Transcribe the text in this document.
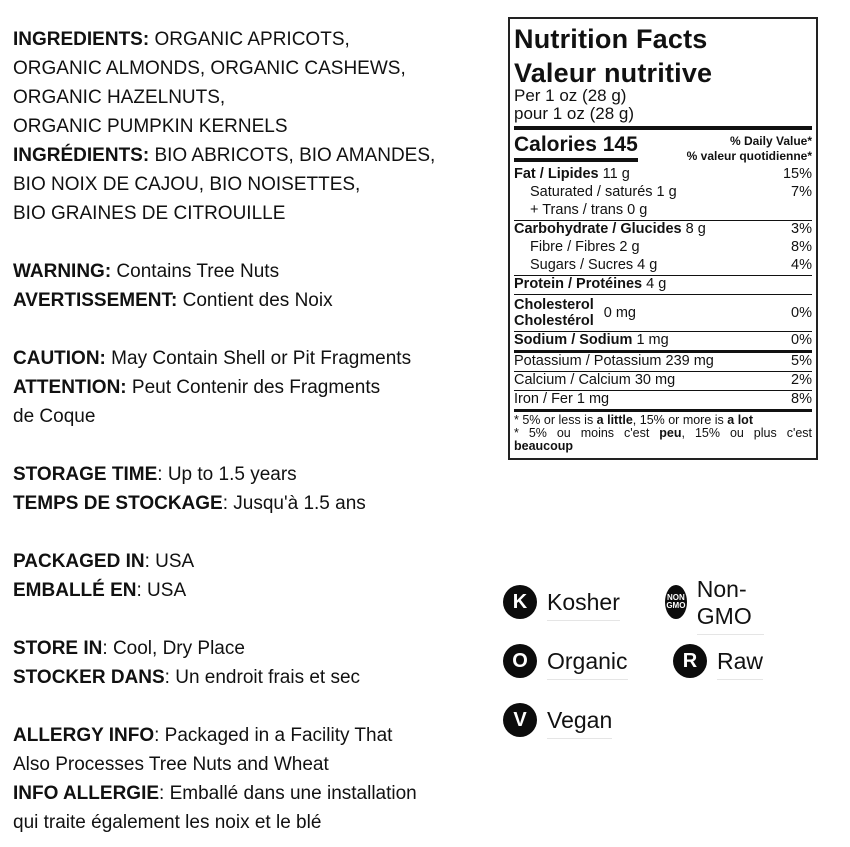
INGREDIENTS: ORGANIC APRICOTS,
ORGANIC ALMONDS, ORGANIC CASHEWS,
ORGANIC HAZELNUTS,
ORGANIC PUMPKIN KERNELS
INGRÉDIENTS: BIO ABRICOTS, BIO AMANDES,
BIO NOIX DE CAJOU, BIO NOISETTES,
BIO GRAINES DE CITROUILLE
WARNING: Contains Tree Nuts
AVERTISSEMENT: Contient des Noix
CAUTION: May Contain Shell or Pit Fragments
ATTENTION: Peut Contenir des Fragments
de Coque
STORAGE TIME: Up to 1.5 years
TEMPS DE STOCKAGE: Jusqu'à 1.5 ans
PACKAGED IN: USA
EMBALLÉ EN: USA
STORE IN: Cool, Dry Place
STOCKER DANS: Un endroit frais et sec
ALLERGY INFO: Packaged in a Facility That
Also Processes Tree Nuts and Wheat
INFO ALLERGIE: Emballé dans une installation
qui traite également les noix et le blé
Nutrition Facts
Valeur nutritive
Per 1 oz (28 g)
pour 1 oz (28 g)
Calories 145	% Daily Value*
% valeur quotidienne*
Fat / Lipides 11 g	15%
Saturated / saturés 1 g	7%
+ Trans / trans 0 g
Carbohydrate / Glucides 8 g	3%
Fibre / Fibres 2 g	8%
Sugars / Sucres 4 g	4%
Protein / Protéines 4 g
Cholesterol
Cholestérol 0 mg	0%
Sodium / Sodium 1 mg	0%
Potassium / Potassium 239 mg	5%
Calcium / Calcium 30 mg	2%
Iron / Fer 1 mg	8%

* 5% or less is a little, 15% or more is a lot

* 5% ou moins c'est peu, 15% ou plus c'est beaucoup

K Kosher	NON
GMO
Non-GMO
O Organic	R Raw
V Vegan
